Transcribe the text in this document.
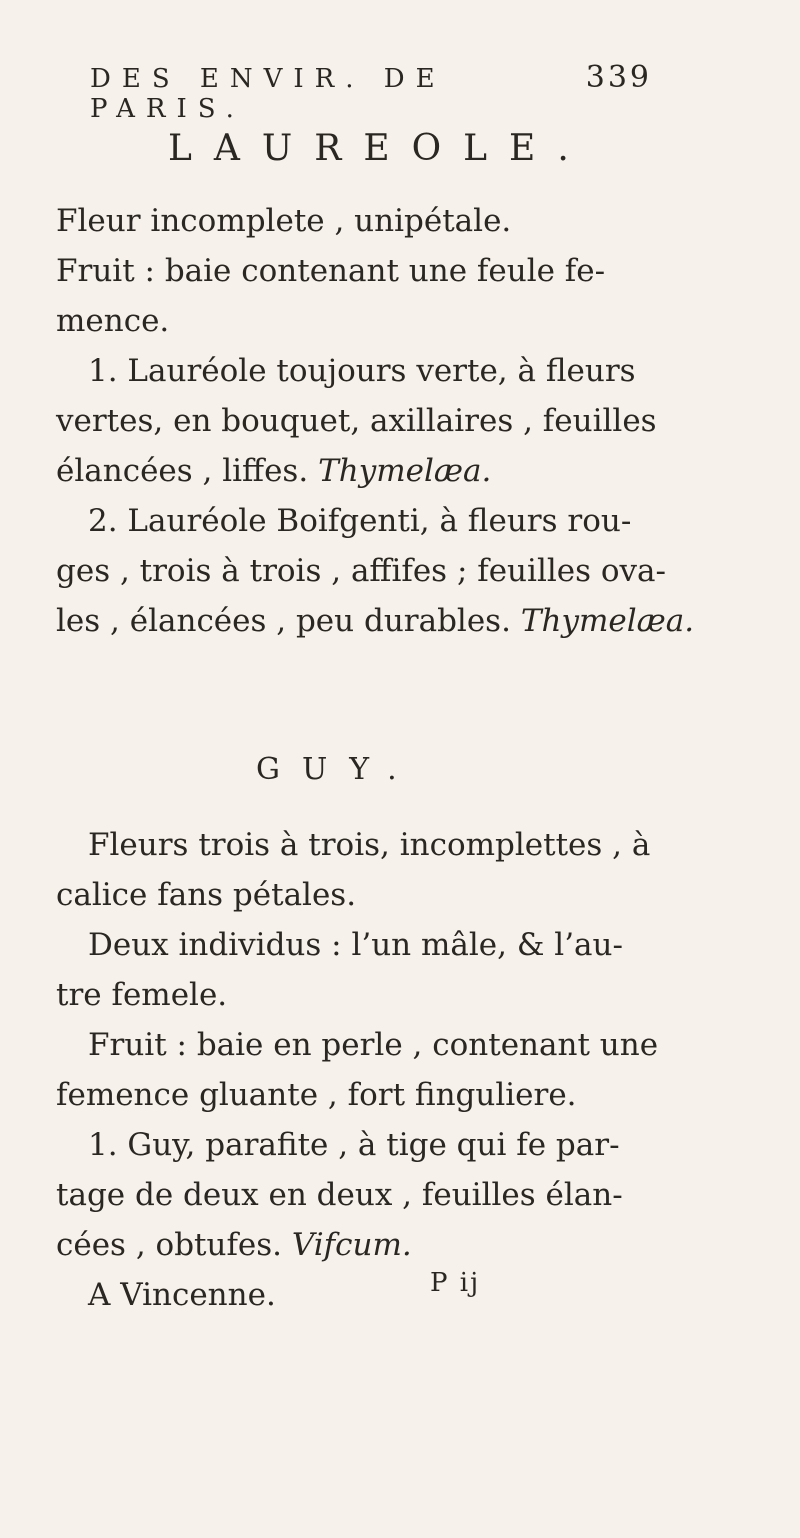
DES ENVIR. DE PARIS.
339
LAUREOLE.

Fleur incomplete , unipétale.

Fruit : baie contenant une feule fe-

mence.

1. Lauréole toujours verte, à fleurs

vertes, en bouquet, axillaires , feuilles

élancées , liffes. Thymelæa.

2. Lauréole Boifgenti, à fleurs rou-

ges , trois à trois , affifes ; feuilles ova-

les , élancées , peu durables. Thymelæa.

GUY.

Fleurs trois à trois, incomplettes , à

calice fans pétales.

Deux individus : l’un mâle, & l’au-

tre femele.

Fruit : baie en perle , contenant une

femence gluante , fort finguliere.

1. Guy, parafite , à tige qui fe par-

tage de deux en deux , feuilles élan-

cées , obtufes. Vifcum.

A Vincenne.	P ij
